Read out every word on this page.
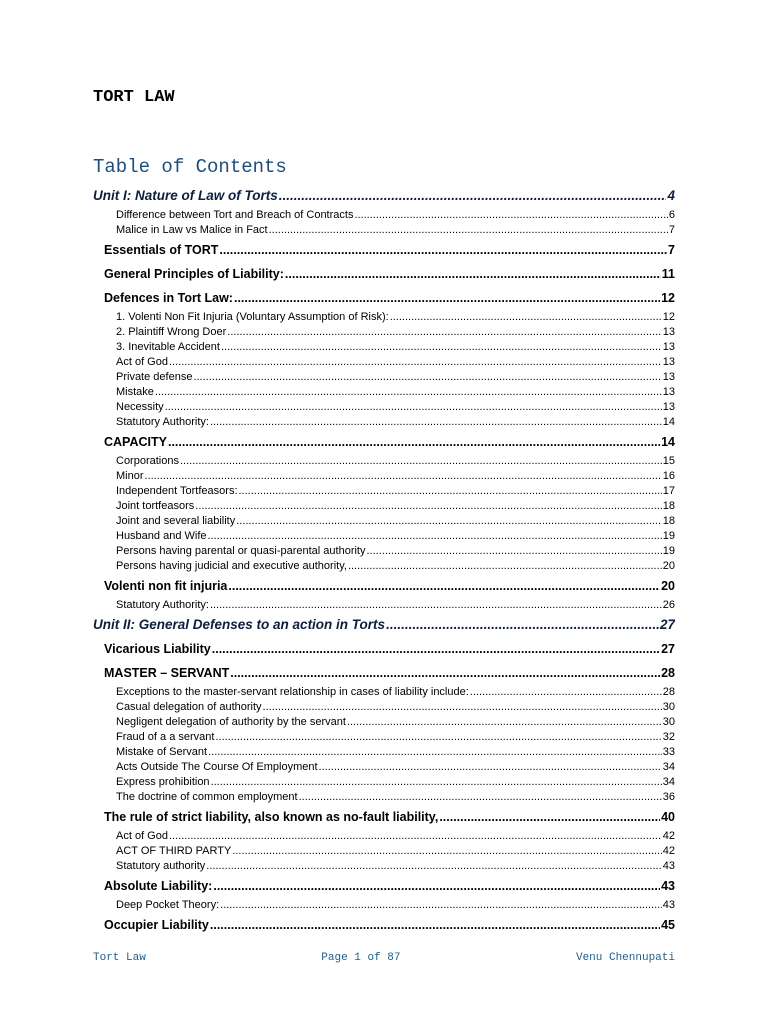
TORT LAW
Table of Contents
Unit I: Nature of Law of Torts .....	4
Difference between Tort and Breach of Contracts .....	6
Malice in Law vs Malice in Fact .....	7
Essentials of TORT .....	7
General Principles of Liability: .....	11
Defences in Tort Law: .....	12
1. Volenti Non Fit Injuria (Voluntary Assumption of Risk): .....	12
2. Plaintiff Wrong Doer .....	13
3. Inevitable Accident .....	13
Act of God .....	13
Private defense .....	13
Mistake .....	13
Necessity .....	13
Statutory Authority: .....	14
CAPACITY .....	14
Corporations .....	15
Minor .....	16
Independent Tortfeasors: .....	17
Joint tortfeasors .....	18
Joint and several liability .....	18
Husband and Wife .....	19
Persons having parental or quasi-parental authority .....	19
Persons having judicial and executive authority, .....	20
Volenti non fit injuria .....	20
Statutory Authority: .....	26
Unit II: General Defenses to an action in Torts .....	27
Vicarious Liability .....	27
MASTER – SERVANT .....	28
Exceptions to the master-servant relationship in cases of liability include: .....	28
Casual delegation of authority .....	30
Negligent delegation of authority by the servant .....	30
Fraud of a a servant .....	32
Mistake of Servant .....	33
Acts Outside The Course Of Employment .....	34
Express prohibition .....	34
The doctrine of common employment .....	36
The rule of strict liability, also known as no-fault liability, .....	40
Act of God .....	42
ACT OF THIRD PARTY .....	42
Statutory authority .....	43
Absolute Liability: .....	43
Deep Pocket Theory: .....	43
Occupier Liability .....	45
Tort Law	Page 1 of 87	Venu Chennupati
